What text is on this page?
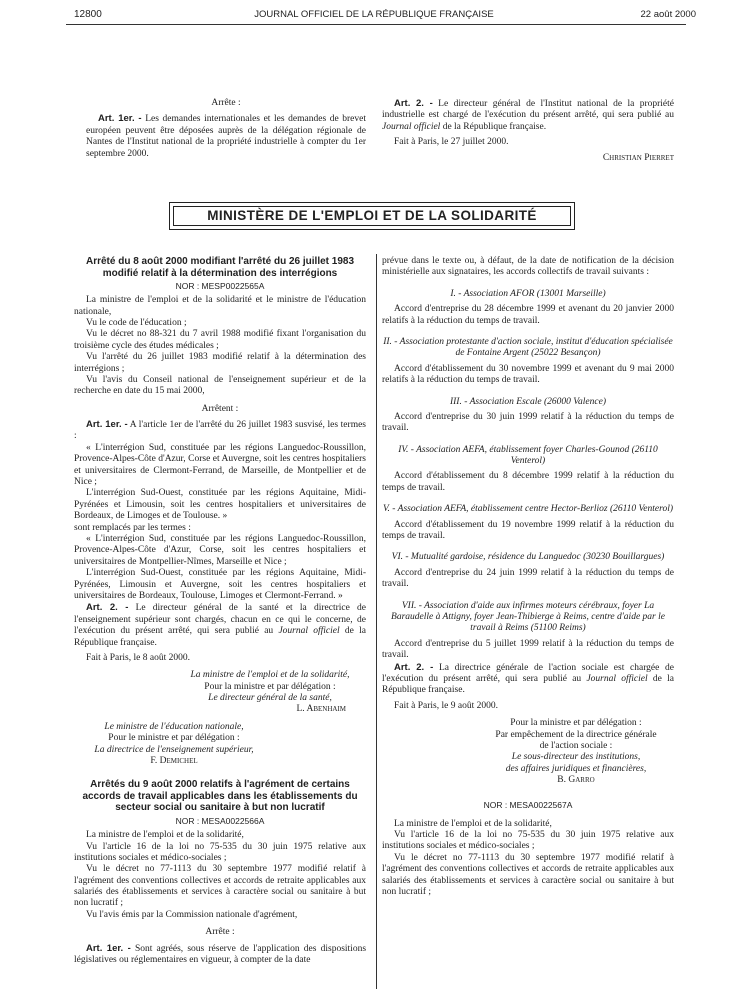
12800	JOURNAL OFFICIEL DE LA RÉPUBLIQUE FRANÇAISE	22 août 2000

Arrête :

Art. 1er. - Les demandes internationales et les demandes de brevet européen peuvent être déposées auprès de la délégation régionale de Nantes de l'Institut national de la propriété industrielle à compter du 1er septembre 2000.

Art. 2. - Le directeur général de l'Institut national de la propriété industrielle est chargé de l'exécution du présent arrêté, qui sera publié au Journal officiel de la République française.

Fait à Paris, le 27 juillet 2000.

Christian Pierret

MINISTÈRE DE L'EMPLOI ET DE LA SOLIDARITÉ

Arrêté du 8 août 2000 modifiant l'arrêté du 26 juillet 1983 modifié relatif à la détermination des interrégions

NOR : MESP0022565A

La ministre de l'emploi et de la solidarité et le ministre de l'éducation nationale,

Vu le code de l'éducation ;

Vu le décret no 88-321 du 7 avril 1988 modifié fixant l'organisation du troisième cycle des études médicales ;

Vu l'arrêté du 26 juillet 1983 modifié relatif à la détermination des interrégions ;

Vu l'avis du Conseil national de l'enseignement supérieur et de la recherche en date du 15 mai 2000,

Arrêtent :

Art. 1er. - A l'article 1er de l'arrêté du 26 juillet 1983 susvisé, les termes :

« L'interrégion Sud, constituée par les régions Languedoc-Roussillon, Provence-Alpes-Côte d'Azur, Corse et Auvergne, soit les centres hospitaliers et universitaires de Clermont-Ferrand, de Marseille, de Montpellier et de Nice ;

L'interrégion Sud-Ouest, constituée par les régions Aquitaine, Midi-Pyrénées et Limousin, soit les centres hospitaliers et universitaires de Bordeaux, de Limoges et de Toulouse. »

sont remplacés par les termes :

« L'interrégion Sud, constituée par les régions Languedoc-Roussillon, Provence-Alpes-Côte d'Azur, Corse, soit les centres hospitaliers et universitaires de Montpellier-Nîmes, Marseille et Nice ;

L'interrégion Sud-Ouest, constituée par les régions Aquitaine, Midi-Pyrénées, Limousin et Auvergne, soit les centres hospitaliers et universitaires de Bordeaux, Toulouse, Limoges et Clermont-Ferrand. »

Art. 2. - Le directeur général de la santé et la directrice de l'enseignement supérieur sont chargés, chacun en ce qui le concerne, de l'exécution du présent arrêté, qui sera publié au Journal officiel de la République française.

Fait à Paris, le 8 août 2000.

La ministre de l'emploi et de la solidarité,

Pour la ministre et par délégation :

Le directeur général de la santé,

L. Abenhaim

Le ministre de l'éducation nationale,

Pour le ministre et par délégation :

La directrice de l'enseignement supérieur,

F. Demichel

Arrêtés du 9 août 2000 relatifs à l'agrément de certains accords de travail applicables dans les établissements du secteur social ou sanitaire à but non lucratif

NOR : MESA0022566A

La ministre de l'emploi et de la solidarité,

Vu l'article 16 de la loi no 75-535 du 30 juin 1975 relative aux institutions sociales et médico-sociales ;

Vu le décret no 77-1113 du 30 septembre 1977 modifié relatif à l'agrément des conventions collectives et accords de retraite applicables aux salariés des établissements et services à caractère social ou sanitaire à but non lucratif ;

Vu l'avis émis par la Commission nationale d'agrément,

Arrête :

Art. 1er. - Sont agréés, sous réserve de l'application des dispositions législatives ou réglementaires en vigueur, à compter de la date

prévue dans le texte ou, à défaut, de la date de notification de la décision ministérielle aux signataires, les accords collectifs de travail suivants :

I. - Association AFOR (13001 Marseille)

Accord d'entreprise du 28 décembre 1999 et avenant du 20 janvier 2000 relatifs à la réduction du temps de travail.

II. - Association protestante d'action sociale, institut d'éducation spécialisée de Fontaine Argent (25022 Besançon)

Accord d'établissement du 30 novembre 1999 et avenant du 9 mai 2000 relatifs à la réduction du temps de travail.

III. - Association Escale (26000 Valence)

Accord d'entreprise du 30 juin 1999 relatif à la réduction du temps de travail.

IV. - Association AEFA, établissement foyer Charles-Gounod (26110 Venterol)

Accord d'établissement du 8 décembre 1999 relatif à la réduction du temps de travail.

V. - Association AEFA, établissement centre Hector-Berlioz (26110 Venterol)

Accord d'établissement du 19 novembre 1999 relatif à la réduction du temps de travail.

VI. - Mutualité gardoise, résidence du Languedoc (30230 Bouillargues)

Accord d'entreprise du 24 juin 1999 relatif à la réduction du temps de travail.

VII. - Association d'aide aux infirmes moteurs cérébraux, foyer La Baraudelle à Attigny, foyer Jean-Thibierge à Reims, centre d'aide par le travail à Reims (51100 Reims)

Accord d'entreprise du 5 juillet 1999 relatif à la réduction du temps de travail.

Art. 2. - La directrice générale de l'action sociale est chargée de l'exécution du présent arrêté, qui sera publié au Journal officiel de la République française.

Fait à Paris, le 9 août 2000.

Pour la ministre et par délégation :

Par empêchement de la directrice générale

de l'action sociale :

Le sous-directeur des institutions,

des affaires juridiques et financières,

B. Garro

NOR : MESA0022567A

La ministre de l'emploi et de la solidarité,

Vu l'article 16 de la loi no 75-535 du 30 juin 1975 relative aux institutions sociales et médico-sociales ;

Vu le décret no 77-1113 du 30 septembre 1977 modifié relatif à l'agrément des conventions collectives et accords de retraite applicables aux salariés des établissements et services à caractère social ou sanitaire à but non lucratif ;
